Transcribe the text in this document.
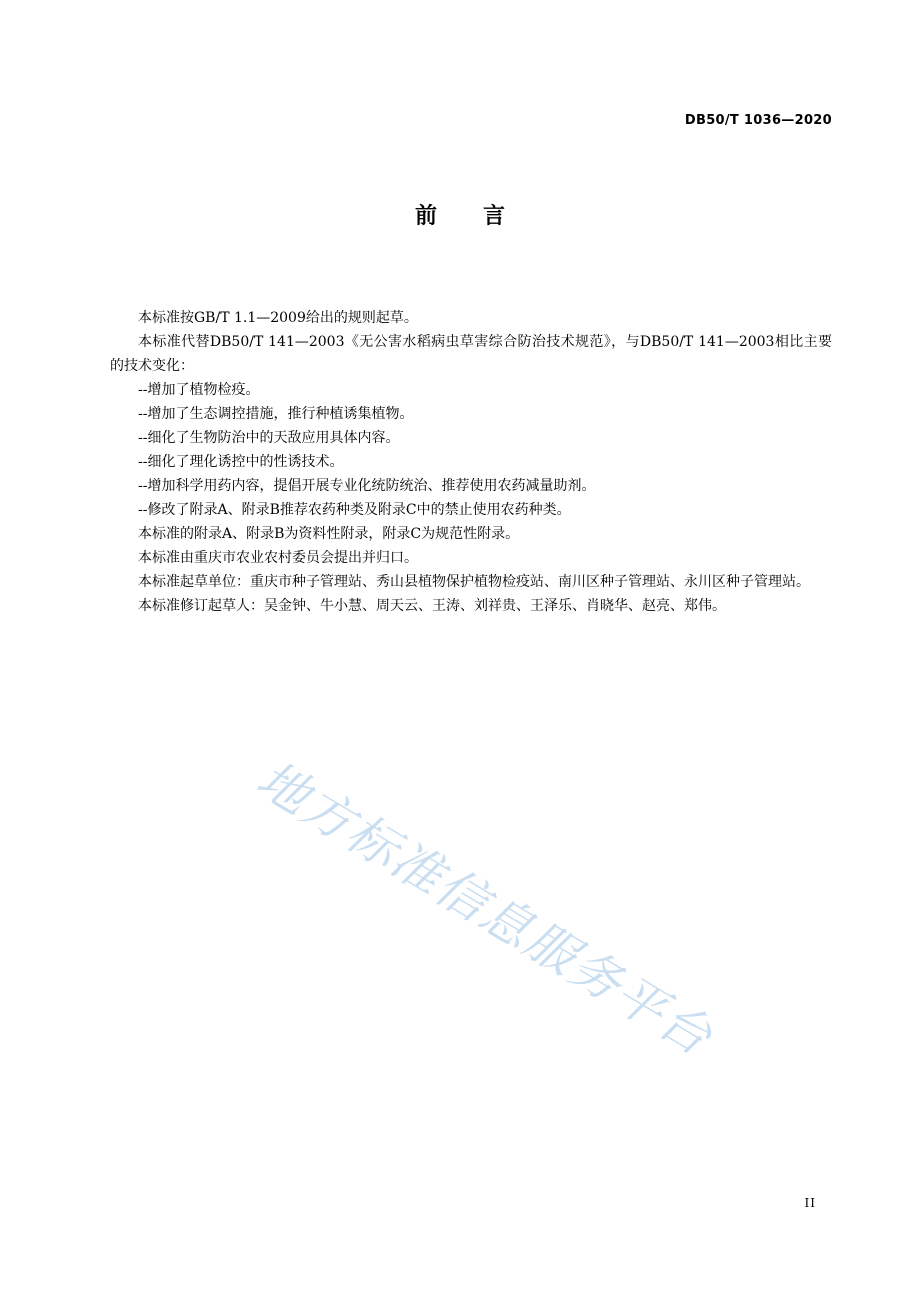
DB50/T 1036—2020
前言

本标准按GB/T 1.1—2009给出的规则起草。

本标准代替DB50/T 141—2003《无公害水稻病虫草害综合防治技术规范》，与DB50/T 141—2003相比主要的技术变化：

--增加了植物检疫。

--增加了生态调控措施，推行种植诱集植物。

--细化了生物防治中的天敌应用具体内容。

--细化了理化诱控中的性诱技术。

--增加科学用药内容，提倡开展专业化统防统治、推荐使用农药减量助剂。

--修改了附录A、附录B推荐农药种类及附录C中的禁止使用农药种类。

本标准的附录A、附录B为资料性附录，附录C为规范性附录。

本标准由重庆市农业农村委员会提出并归口。

本标准起草单位：重庆市种子管理站、秀山县植物保护植物检疫站、南川区种子管理站、永川区种子管理站。

本标准修订起草人：吴金钟、牛小慧、周天云、王涛、刘祥贵、王泽乐、肖晓华、赵亮、郑伟。

地方标准信息服务平台
II
